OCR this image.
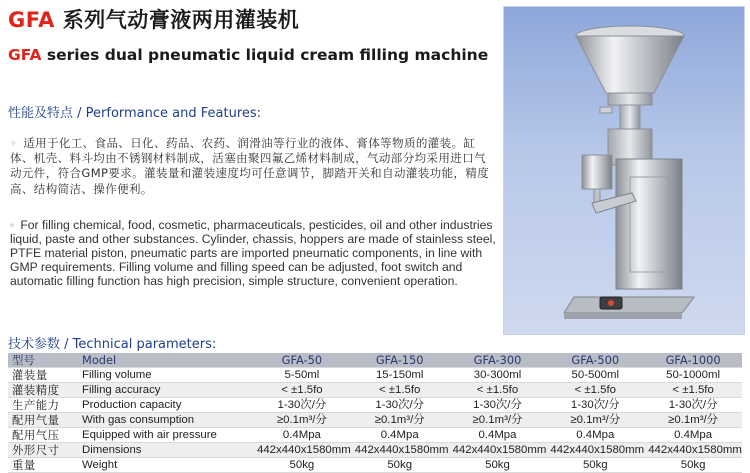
GFA 系列气动膏液两用灌装机
GFA series dual pneumatic liquid cream filling machine
性能及特点 / Performance and Features:
◦ 适用于化工、食品、日化、药品、农药、润滑油等行业的液体、膏体等物质的灌装。缸体、机壳、料斗均由不锈钢材料制成，活塞由聚四氟乙烯材料制成，气动部分均采用进口气动元件，符合GMP要求。灌装量和灌装速度均可任意调节，脚踏开关和自动灌装功能，精度高、结构简洁、操作便利。
◦ For filling chemical, food, cosmetic, pharmaceuticals, pesticides, oil and other industries liquid, paste and other substances. Cylinder, chassis, hoppers are made of stainless steel, PTFE material piston, pneumatic parts are imported pneumatic components, in line with GMP requirements. Filling volume and filling speed can be adjusted, foot switch and automatic filling function has high precision, simple structure, convenient operation.
技术参数 / Technical parameters:
型号	Model	GFA-50	GFA-150	GFA-300	GFA-500	GFA-1000
灌装量	Filling volume	5-50ml	15-150ml	30-300ml	50-500ml	50-1000ml
灌装精度	Filling accuracy	< ±1.5fo	< ±1.5fo	< ±1.5fo	< ±1.5fo	< ±1.5fo
生产能力	Production capacity	1-30次/分	1-30次/分	1-30次/分	1-30次/分	1-30次/分
配用气量	With gas consumption	≥0.1m³/分	≥0.1m³/分	≥0.1m³/分	≥0.1m³/分	≥0.1m³/分
配用气压	Equipped with air pressure	0.4Mpa	0.4Mpa	0.4Mpa	0.4Mpa	0.4Mpa
外形尺寸	Dimensions	442x440x1580mm	442x440x1580mm	442x440x1580mm	442x440x1580mm	442x440x1580mm
重量	Weight	50kg	50kg	50kg	50kg	50kg
